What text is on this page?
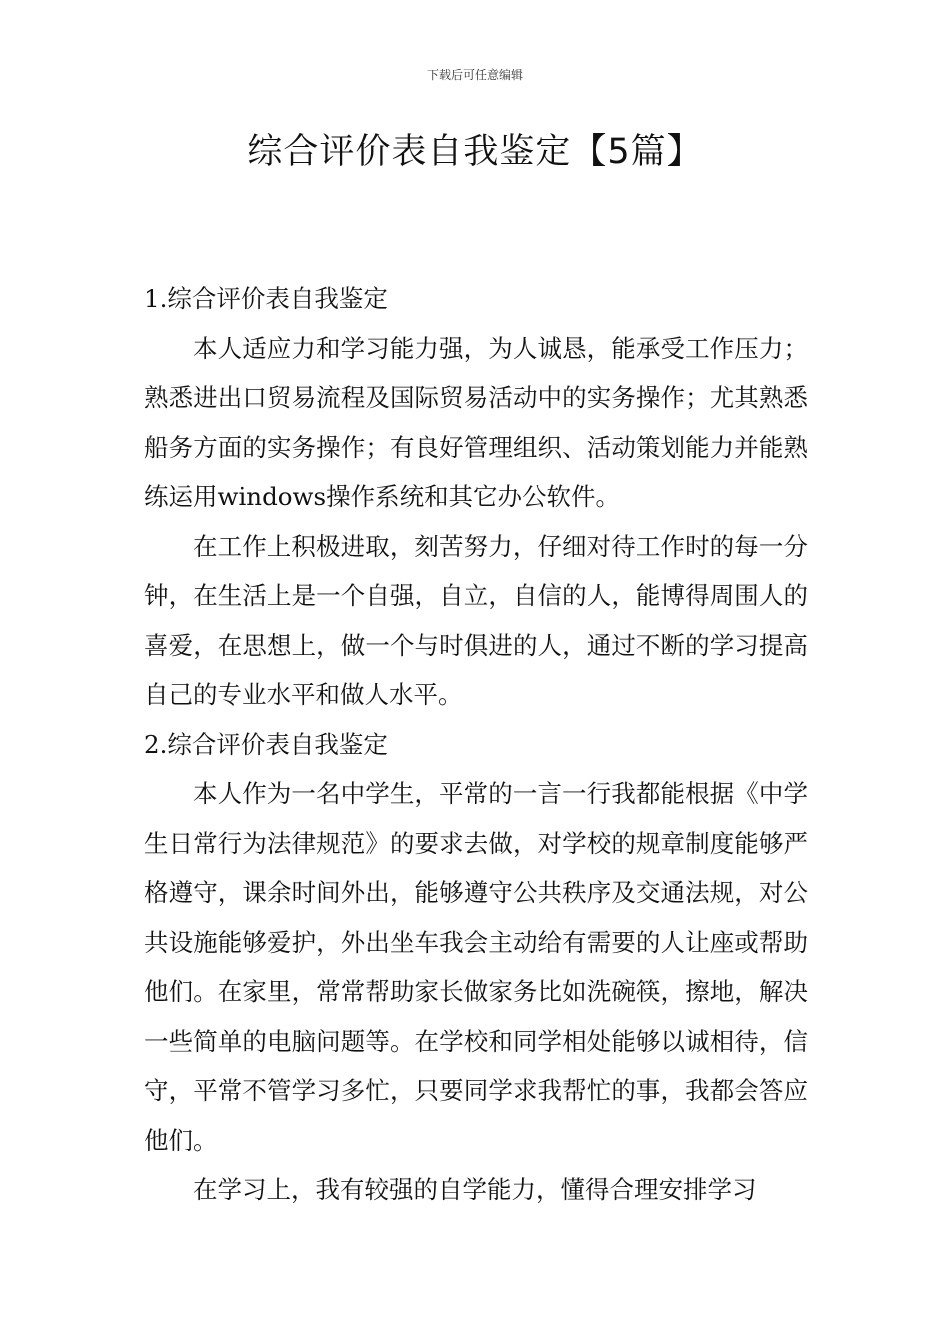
下载后可任意编辑
综合评价表自我鉴定【5篇】
1.综合评价表自我鉴定

本人适应力和学习能力强，为人诚恳，能承受工作压力；熟悉进出口贸易流程及国际贸易活动中的实务操作；尤其熟悉船务方面的实务操作；有良好管理组织、活动策划能力并能熟练运用windows操作系统和其它办公软件。

在工作上积极进取，刻苦努力，仔细对待工作时的每一分钟，在生活上是一个自强，自立，自信的人，能博得周围人的喜爱，在思想上，做一个与时俱进的人，通过不断的学习提高自己的专业水平和做人水平。

2.综合评价表自我鉴定

本人作为一名中学生，平常的一言一行我都能根据《中学生日常行为法律规范》的要求去做，对学校的规章制度能够严格遵守，课余时间外出，能够遵守公共秩序及交通法规，对公共设施能够爱护，外出坐车我会主动给有需要的人让座或帮助他们。在家里，常常帮助家长做家务比如洗碗筷，擦地，解决一些简单的电脑问题等。在学校和同学相处能够以诚相待，信守，平常不管学习多忙，只要同学求我帮忙的事，我都会答应他们。

在学习上，我有较强的自学能力，懂得合理安排学习
